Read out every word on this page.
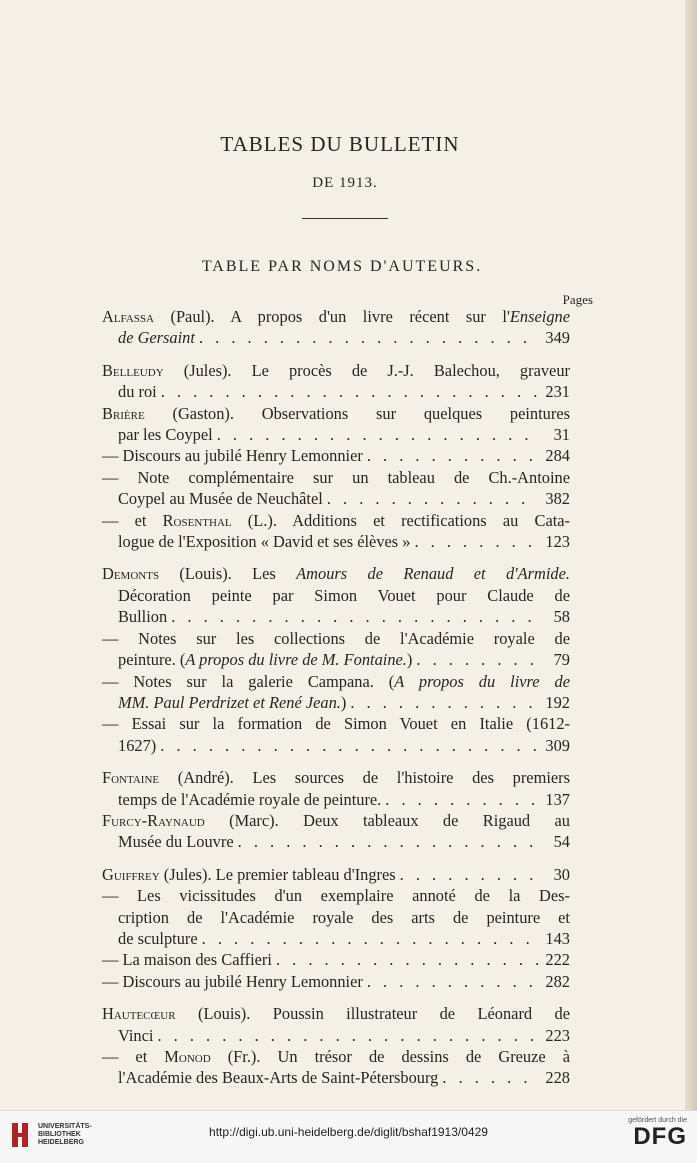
TABLES DU BULLETIN
DE 1913.
TABLE PAR NOMS D'AUTEURS.
Pages
Alfassa (Paul). A propos d'un livre récent sur l'Enseigne
de Gersaint . . .	349
Belleudy (Jules). Le procès de J.-J. Balechou, graveur
du roi . . .	231
Brière (Gaston). Observations sur quelques peintures
par les Coypel . . .	31
— Discours au jubilé Henry Lemonnier . . .	284
— Note complémentaire sur un tableau de Ch.-Antoine
Coypel au Musée de Neuchâtel . . .	382
— et Rosenthal (L.). Additions et rectifications au Cata-
logue de l'Exposition « David et ses élèves » . . .	123
Demonts (Louis). Les Amours de Renaud et d'Armide.
Décoration peinte par Simon Vouet pour Claude de
Bullion . . .	58
— Notes sur les collections de l'Académie royale de
peinture. (A propos du livre de M. Fontaine.) . . .	79
— Notes sur la galerie Campana. (A propos du livre de
MM. Paul Perdrizet et René Jean.) . . .	192
— Essai sur la formation de Simon Vouet en Italie (1612-
1627) . . .	309
Fontaine (André). Les sources de l'histoire des premiers
temps de l'Académie royale de peinture. . . .	137
Furcy-Raynaud (Marc). Deux tableaux de Rigaud au
Musée du Louvre . . .	54
Guiffrey (Jules). Le premier tableau d'Ingres . . .	30
— Les vicissitudes d'un exemplaire annoté de la Des-
cription de l'Académie royale des arts de peinture et
de sculpture . . .	143
— La maison des Caffieri . . .	222
— Discours au jubilé Henry Lemonnier . . .	282
Hautecœur (Louis). Poussin illustrateur de Léonard de
Vinci . . .	223
— et Monod (Fr.). Un trésor de dessins de Greuze à
l'Académie des Beaux-Arts de Saint-Pétersbourg . . .	228
UNIVERSITÄTS-
BIBLIOTHEK
HEIDELBERG
http://digi.ub.uni-heidelberg.de/diglit/bshaf1913/0429
gefördert durch die
DFG
